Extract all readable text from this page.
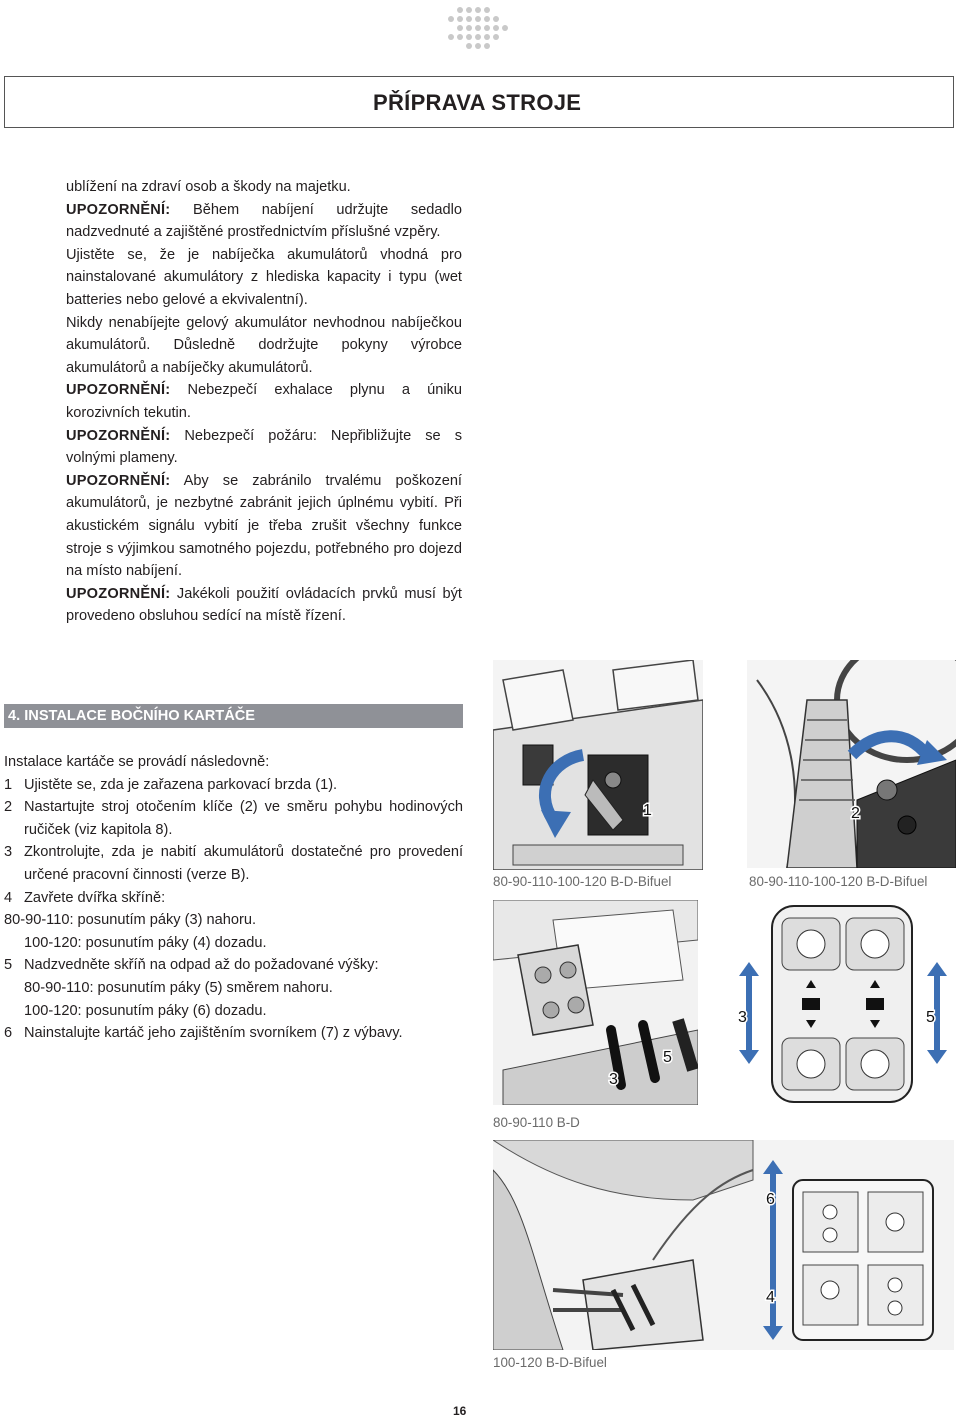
PŘÍPRAVA STROJE

ublížení na zdraví osob a škody na majetku.

UPOZORNĚNÍ: Během nabíjení udržujte sedadlo nadzvednuté a zajištěné prostřednictvím příslušné vzpěry.

Ujistěte se, že je nabíječka akumulátorů vhodná pro nainstalované akumulátory z hlediska kapacity i typu (wet batteries nebo gelové a ekvivalentní).

Nikdy nenabíjejte gelový akumulátor nevhodnou nabíječkou akumulátorů. Důsledně dodržujte pokyny výrobce akumulátorů a nabíječky akumulátorů.

UPOZORNĚNÍ: Nebezpečí exhalace plynu a úniku korozivních tekutin.

UPOZORNĚNÍ: Nebezpečí požáru: Nepřibližujte se s volnými plameny.

UPOZORNĚNÍ: Aby se zabránilo trvalému poškození akumulátorů, je nezbytné zabránit jejich úplnému vybití. Při akustickém signálu vybití je třeba zrušit všechny funkce stroje s výjimkou samotného pojezdu, potřebného pro dojezd na místo nabíjení.

UPOZORNĚNÍ: Jakékoli použití ovládacích prvků musí být provedeno obsluhou sedící na místě řízení.

4. INSTALACE BOČNÍHO KARTÁČE
Instalace kartáče se provádí následovně:
1 Ujistěte se, zda je zařazena parkovací brzda (1).
2 Nastartujte stroj otočením klíče (2) ve směru pohybu hodinových ručiček (viz kapitola 8).
3 Zkontrolujte, zda je nabití akumulátorů dostatečné pro provedení určené pracovní činnosti (verze B).
4 Zavřete dvířka skříně:
80-90-110: posunutím páky (3) nahoru.
100-120: posunutím páky (4) dozadu.
5 Nadzvedněte skříň na odpad až do požadované výšky:
80-90-110: posunutím páky (5) směrem nahoru.
100-120: posunutím páky (6) dozadu.
6 Nainstalujte kartáč jeho zajištěním svorníkem (7) z výbavy.
1
80-90-110-100-120 B-D-Bifuel
2
80-90-110-100-120 B-D-Bifuel
3
5
80-90-110 B-D
3	5
6
4
100-120 B-D-Bifuel
16
